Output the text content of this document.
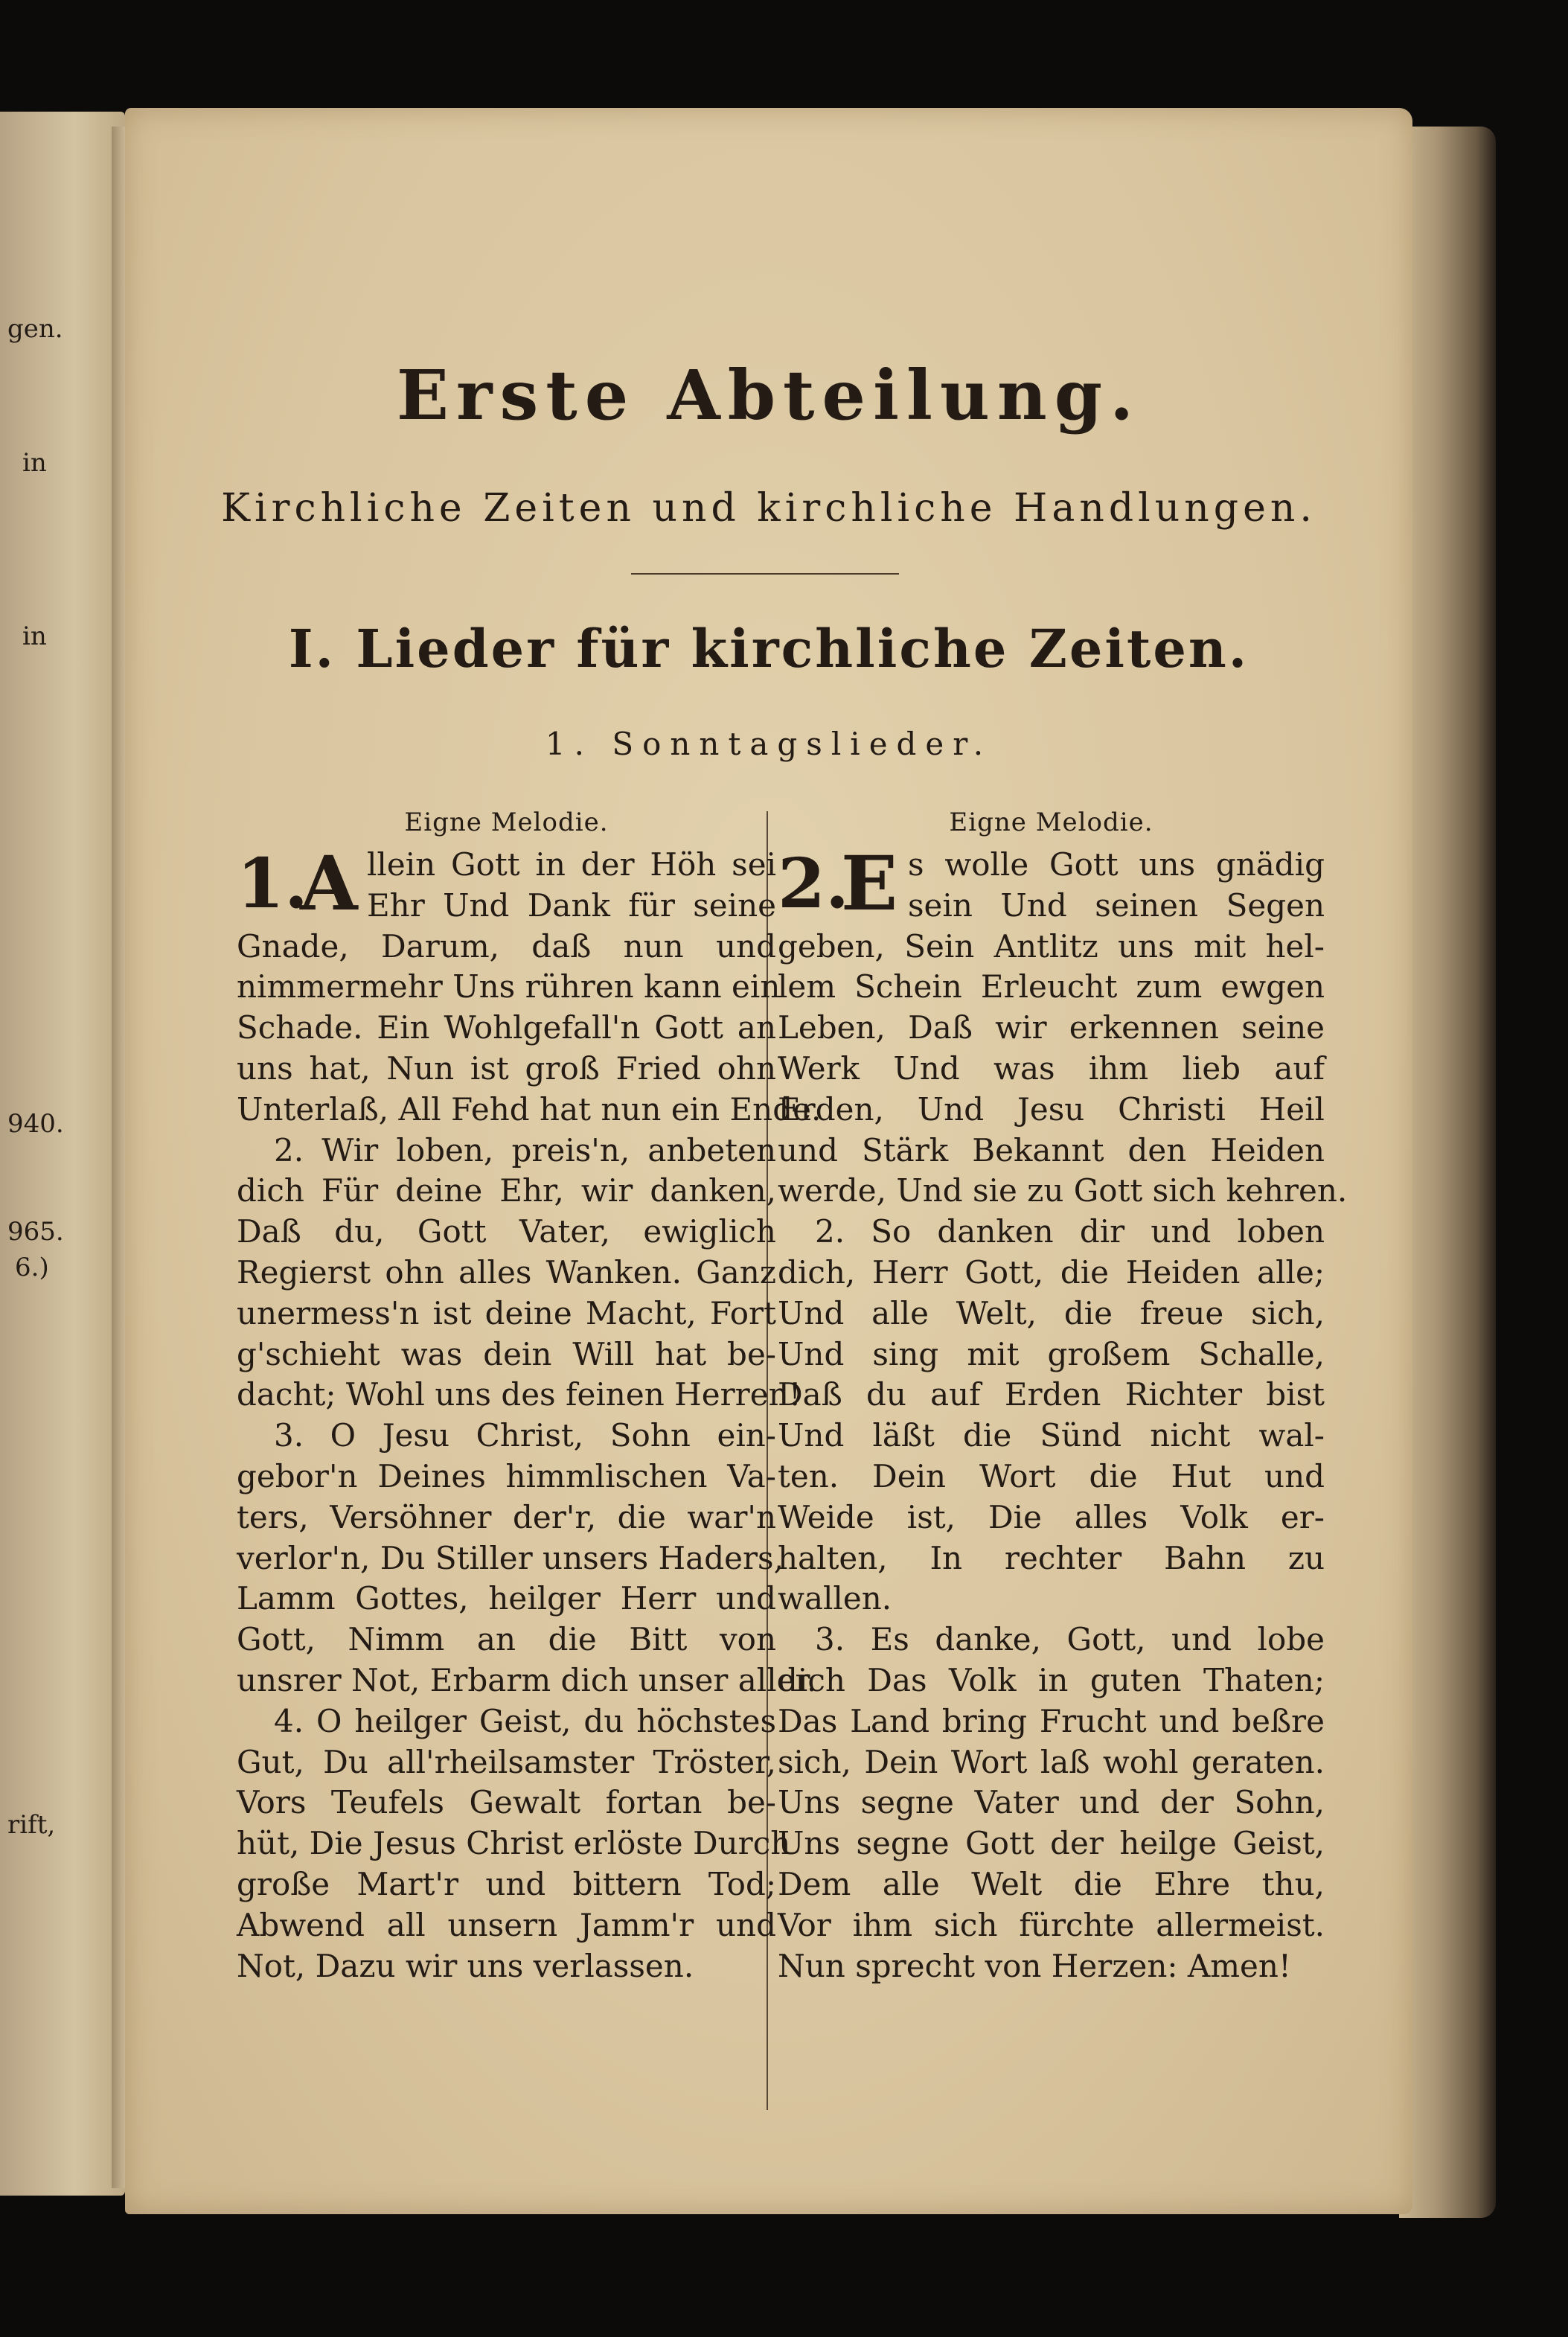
gen.
in
in
940.
965.
6.)
rift,
Erste Abteilung.
Kirchliche Zeiten und kirchliche Handlungen.
I. Lieder für kirchliche Zeiten.
1. Sonntagslieder.
Eigne Melodie.
1.
A llein Gott in der Höh sei
Ehr Und Dank für seine
Gnade, Darum, daß nun und
nimmermehr Uns rühren kann ein
Schade. Ein Wohlgefall'n Gott an
uns hat, Nun ist groß Fried ohn
Unterlaß, All Fehd hat nun ein Ende.
2. Wir loben, preis'n, anbeten
dich Für deine Ehr, wir danken,
Daß du, Gott Vater, ewiglich
Regierst ohn alles Wanken. Ganz
unermess'n ist deine Macht, Fort
g'schieht was dein Will hat be-
dacht; Wohl uns des feinen Herren!
3. O Jesu Christ, Sohn ein-
gebor'n Deines himmlischen Va-
ters, Versöhner der'r, die war'n
verlor'n, Du Stiller unsers Haders,
Lamm Gottes, heilger Herr und
Gott, Nimm an die Bitt von
unsrer Not, Erbarm dich unser aller.
4. O heilger Geist, du höchstes
Gut, Du all'rheilsamster Tröster,
Vors Teufels Gewalt fortan be-
hüt, Die Jesus Christ erlöste Durch
große Mart'r und bittern Tod;
Abwend all unsern Jamm'r und
Not, Dazu wir uns verlassen.
Eigne Melodie.
2.
E s wolle Gott uns gnädig
sein Und seinen Segen
geben, Sein Antlitz uns mit hel-
lem Schein Erleucht zum ewgen
Leben, Daß wir erkennen seine
Werk Und was ihm lieb auf
Erden, Und Jesu Christi Heil
und Stärk Bekannt den Heiden
werde, Und sie zu Gott sich kehren.
2. So danken dir und loben
dich, Herr Gott, die Heiden alle;
Und alle Welt, die freue sich,
Und sing mit großem Schalle,
Daß du auf Erden Richter bist
Und läßt die Sünd nicht wal-
ten. Dein Wort die Hut und
Weide ist, Die alles Volk er-
halten, In rechter Bahn zu
wallen.
3. Es danke, Gott, und lobe
dich Das Volk in guten Thaten;
Das Land bring Frucht und beßre
sich, Dein Wort laß wohl geraten.
Uns segne Vater und der Sohn,
Uns segne Gott der heilge Geist,
Dem alle Welt die Ehre thu,
Vor ihm sich fürchte allermeist.
Nun sprecht von Herzen: Amen!
